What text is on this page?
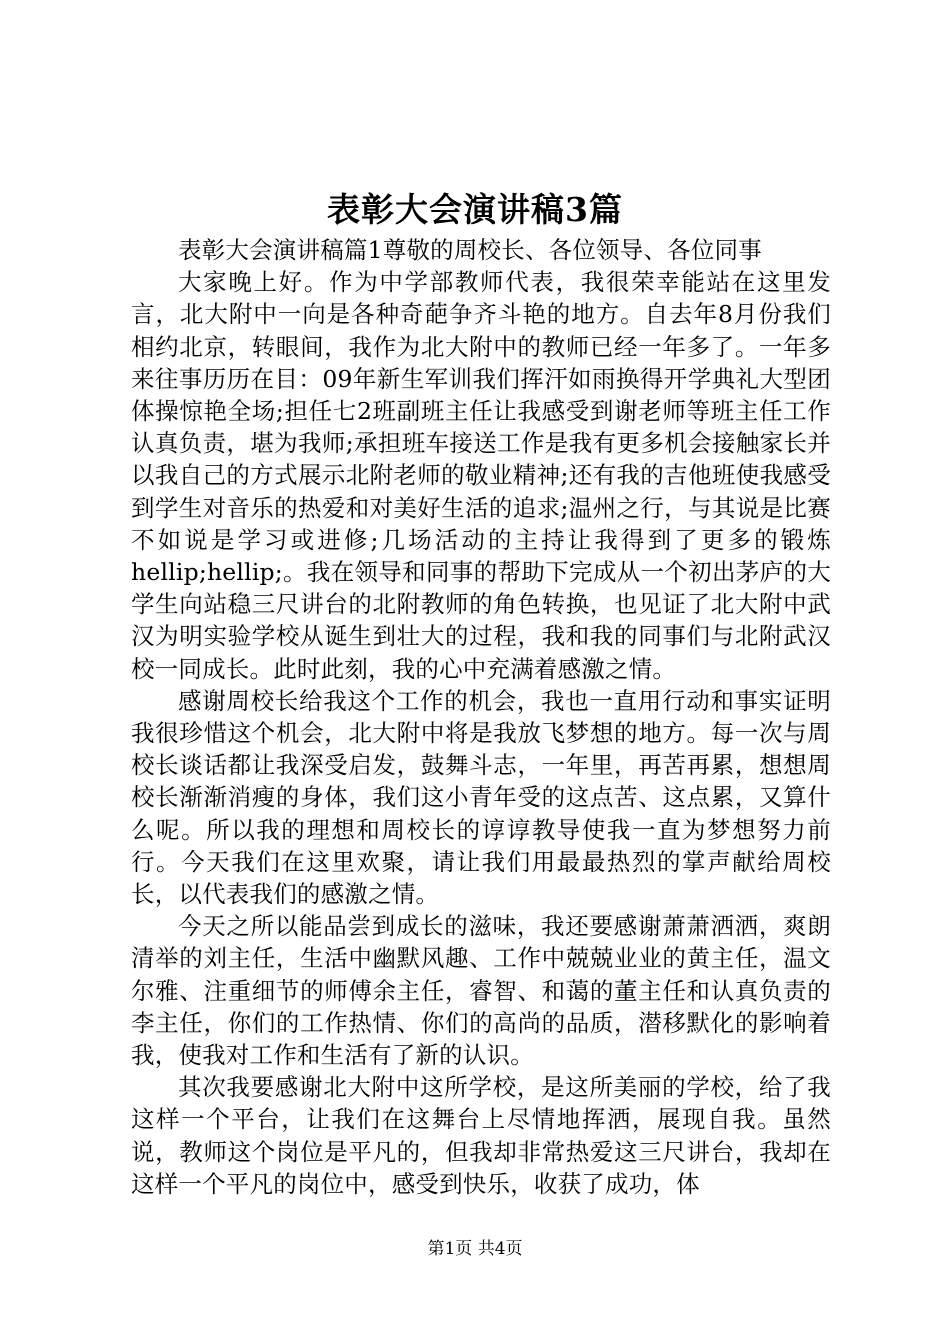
表彰大会演讲稿3篇

表彰大会演讲稿篇1尊敬的周校长、各位领导、各位同事

大家晚上好。作为中学部教师代表，我很荣幸能站在这里发言，北大附中一向是各种奇葩争齐斗艳的地方。自去年8月份我们相约北京，转眼间，我作为北大附中的教师已经一年多了。一年多来往事历历在目：09年新生军训我们挥汗如雨换得开学典礼大型团体操惊艳全场;担任七2班副班主任让我感受到谢老师等班主任工作认真负责，堪为我师;承担班车接送工作是我有更多机会接触家长并以我自己的方式展示北附老师的敬业精神;还有我的吉他班使我感受到学生对音乐的热爱和对美好生活的追求;温州之行，与其说是比赛不如说是学习或进修;几场活动的主持让我得到了更多的锻炼hellip;hellip;。我在领导和同事的帮助下完成从一个初出茅庐的大学生向站稳三尺讲台的北附教师的角色转换，也见证了北大附中武汉为明实验学校从诞生到壮大的过程，我和我的同事们与北附武汉校一同成长。此时此刻，我的心中充满着感激之情。

感谢周校长给我这个工作的机会，我也一直用行动和事实证明我很珍惜这个机会，北大附中将是我放飞梦想的地方。每一次与周校长谈话都让我深受启发，鼓舞斗志，一年里，再苦再累，想想周校长渐渐消瘦的身体，我们这小青年受的这点苦、这点累，又算什么呢。所以我的理想和周校长的谆谆教导使我一直为梦想努力前行。今天我们在这里欢聚，请让我们用最最热烈的掌声献给周校长，以代表我们的感激之情。

今天之所以能品尝到成长的滋味，我还要感谢萧萧洒洒，爽朗清举的刘主任，生活中幽默风趣、工作中兢兢业业的黄主任，温文尔雅、注重细节的师傅余主任，睿智、和蔼的董主任和认真负责的李主任，你们的工作热情、你们的高尚的品质，潜移默化的影响着我，使我对工作和生活有了新的认识。

其次我要感谢北大附中这所学校，是这所美丽的学校，给了我这样一个平台，让我们在这舞台上尽情地挥洒，展现自我。虽然说，教师这个岗位是平凡的，但我却非常热爱这三尺讲台，我却在这样一个平凡的岗位中，感受到快乐，收获了成功，体

第1页 共4页
